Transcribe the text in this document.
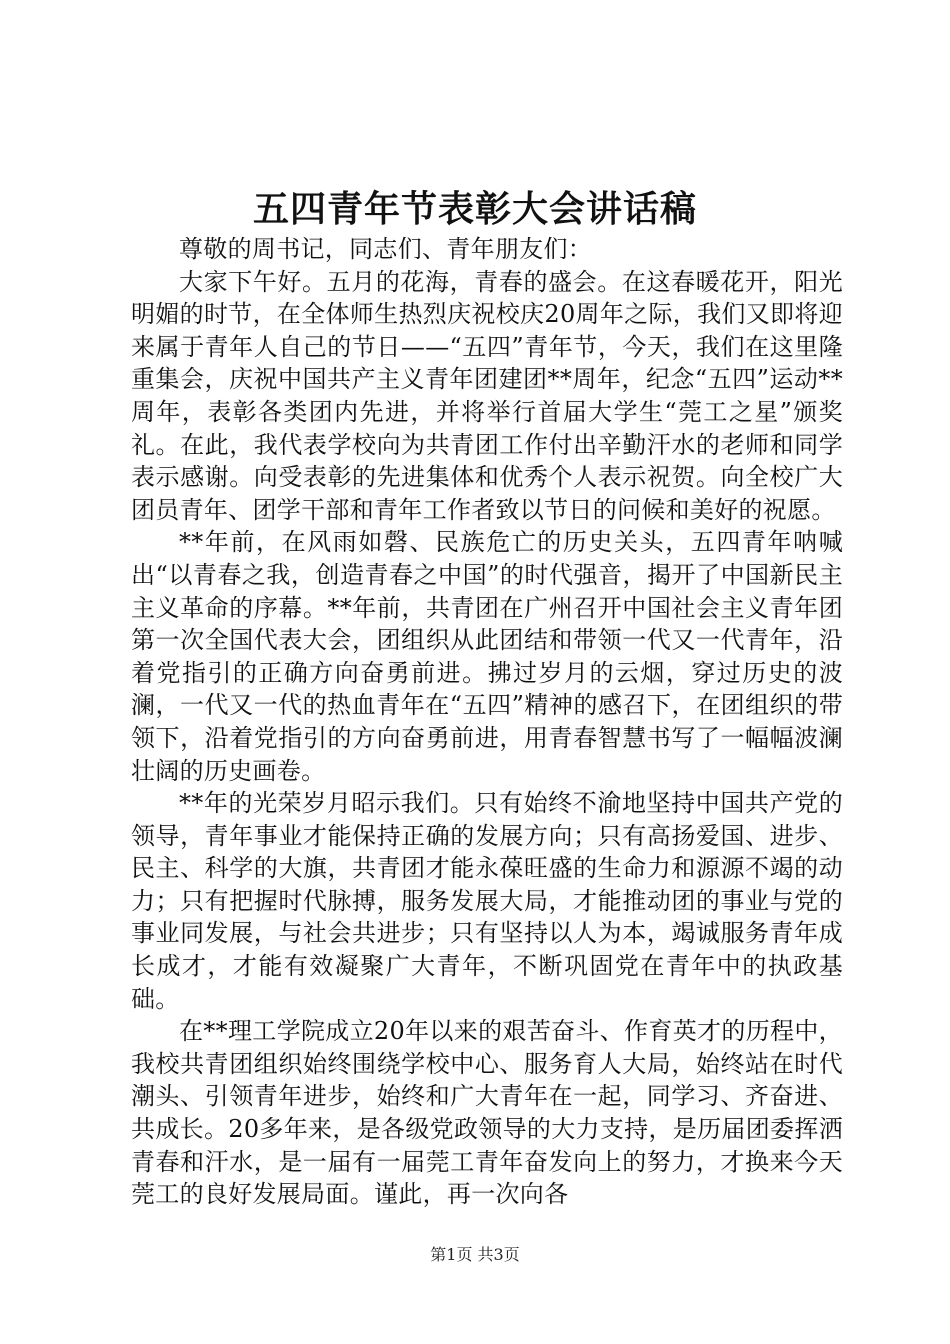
五四青年节表彰大会讲话稿

尊敬的周书记，同志们、青年朋友们：

大家下午好。五月的花海，青春的盛会。在这春暖花开，阳光明媚的时节，在全体师生热烈庆祝校庆20周年之际，我们又即将迎来属于青年人自己的节日——“五四”青年节，今天，我们在这里隆重集会，庆祝中国共产主义青年团建团**周年，纪念“五四”运动**周年，表彰各类团内先进，并将举行首届大学生“莞工之星”颁奖礼。在此，我代表学校向为共青团工作付出辛勤汗水的老师和同学表示感谢。向受表彰的先进集体和优秀个人表示祝贺。向全校广大团员青年、团学干部和青年工作者致以节日的问候和美好的祝愿。

**年前，在风雨如磬、民族危亡的历史关头，五四青年呐喊出“以青春之我，创造青春之中国”的时代强音，揭开了中国新民主主义革命的序幕。**年前，共青团在广州召开中国社会主义青年团第一次全国代表大会，团组织从此团结和带领一代又一代青年，沿着党指引的正确方向奋勇前进。拂过岁月的云烟，穿过历史的波澜，一代又一代的热血青年在“五四”精神的感召下，在团组织的带领下，沿着党指引的方向奋勇前进，用青春智慧书写了一幅幅波澜壮阔的历史画卷。

**年的光荣岁月昭示我们。只有始终不渝地坚持中国共产党的领导，青年事业才能保持正确的发展方向；只有高扬爱国、进步、民主、科学的大旗，共青团才能永葆旺盛的生命力和源源不竭的动力；只有把握时代脉搏，服务发展大局，才能推动团的事业与党的事业同发展，与社会共进步；只有坚持以人为本，竭诚服务青年成长成才，才能有效凝聚广大青年，不断巩固党在青年中的执政基础。

在**理工学院成立20年以来的艰苦奋斗、作育英才的历程中，我校共青团组织始终围绕学校中心、服务育人大局，始终站在时代潮头、引领青年进步，始终和广大青年在一起，同学习、齐奋进、共成长。20多年来，是各级党政领导的大力支持，是历届团委挥洒青春和汗水，是一届有一届莞工青年奋发向上的努力，才换来今天莞工的良好发展局面。谨此，再一次向各

第1页 共3页
